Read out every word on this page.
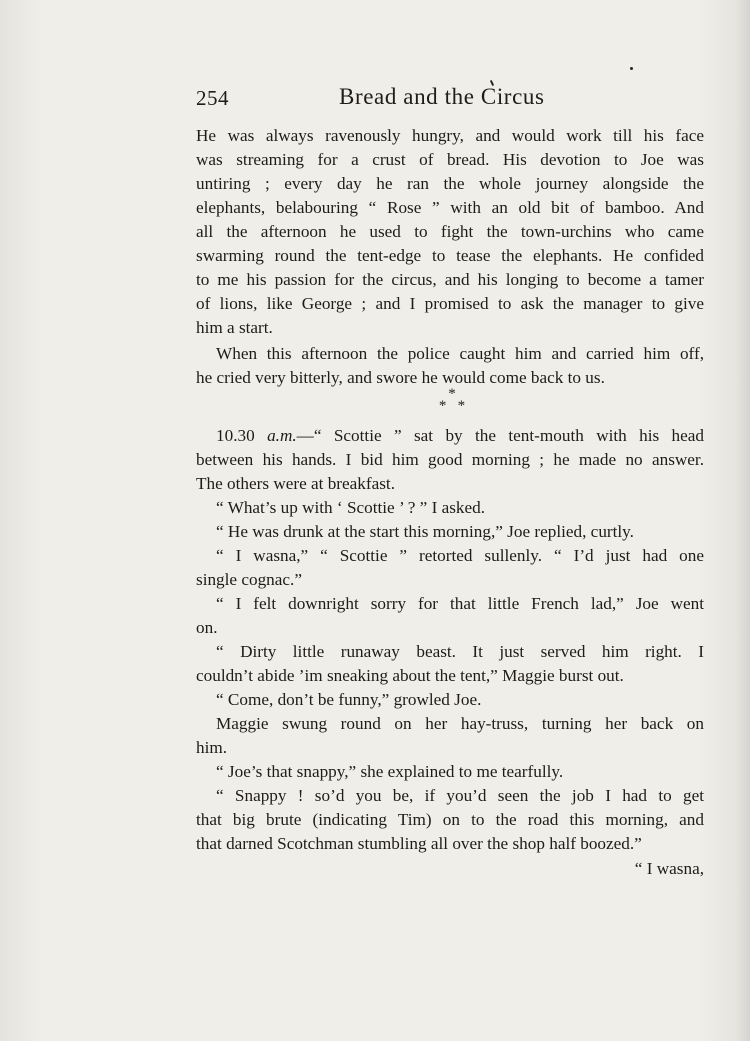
254	Bread and the Circus
He was always ravenously hungry, and would work till his face
was streaming for a crust of bread. His devotion to Joe was
untiring ; every day he ran the whole journey alongside the
elephants, belabouring “ Rose ” with an old bit of bamboo. And
all the afternoon he used to fight the town-urchins who came
swarming round the tent-edge to tease the elephants. He confided
to me his passion for the circus, and his longing to become a tamer
of lions, like George ; and I promised to ask the manager to give
him a start.
When this afternoon the police caught him and carried him off,
he cried very bitterly, and swore he would come back to us.
*
*   *
10.30 a.m.—“ Scottie ” sat by the tent-mouth with his head
between his hands. I bid him good morning ; he made no answer.
The others were at breakfast.
“ What’s up with ‘ Scottie ’ ? ” I asked.
“ He was drunk at the start this morning,” Joe replied, curtly.
“ I wasna,” “ Scottie ” retorted sullenly. “ I’d just had one
single cognac.”
“ I felt downright sorry for that little French lad,” Joe went
on.
“ Dirty little runaway beast. It just served him right. I
couldn’t abide ’im sneaking about the tent,” Maggie burst out.
“ Come, don’t be funny,” growled Joe.
Maggie swung round on her hay-truss, turning her back on
him.
“ Joe’s that snappy,” she explained to me tearfully.
“ Snappy ! so’d you be, if you’d seen the job I had to get
that big brute (indicating Tim) on to the road this morning, and
that darned Scotchman stumbling all over the shop half boozed.”
“ I wasna,
